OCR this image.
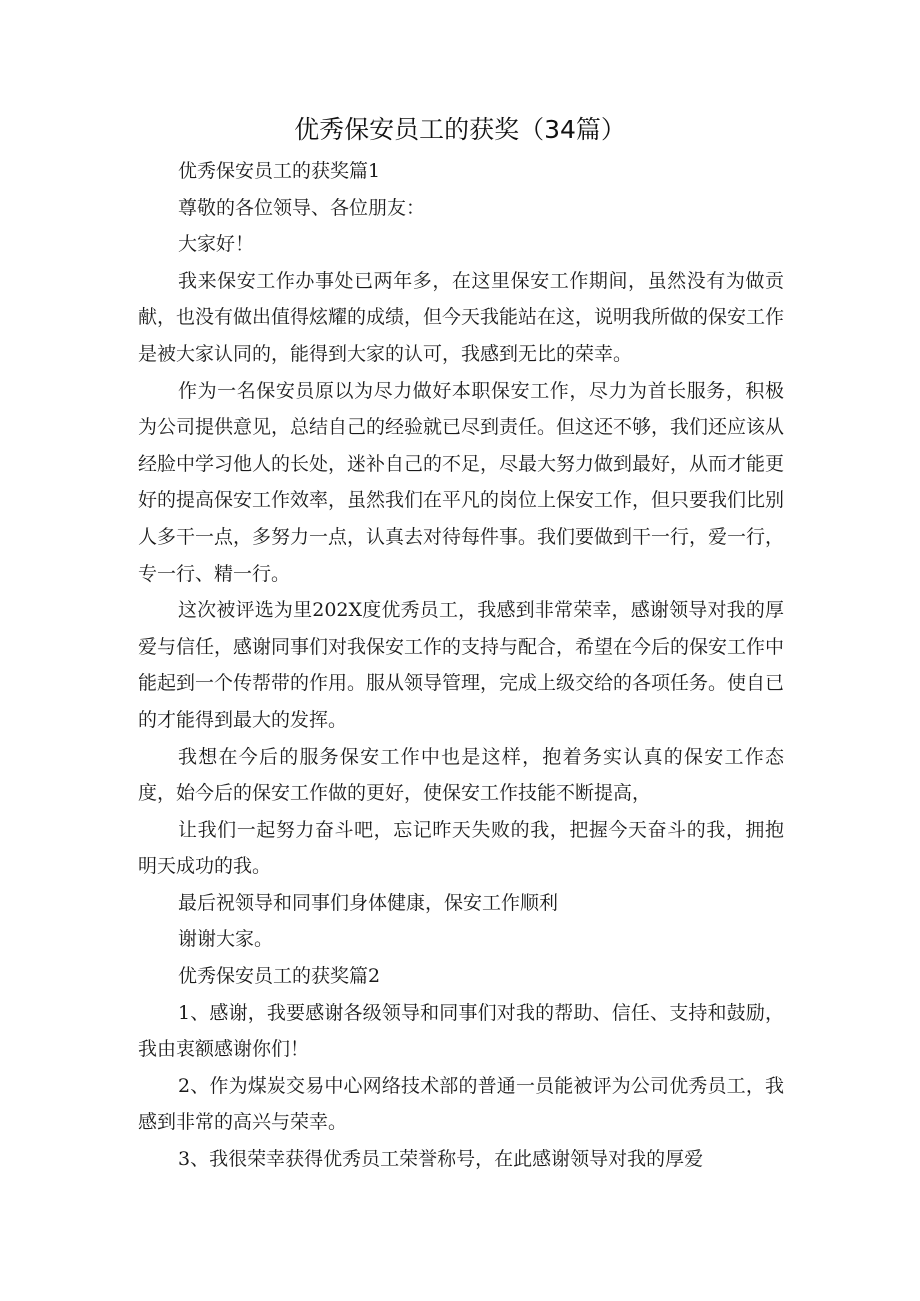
优秀保安员工的获奖（34篇）

优秀保安员工的获奖篇1

尊敬的各位领导、各位朋友：

大家好！

我来保安工作办事处已两年多，在这里保安工作期间，虽然没有为做贡献，也没有做出值得炫耀的成绩，但今天我能站在这，说明我所做的保安工作是被大家认同的，能得到大家的认可，我感到无比的荣幸。

作为一名保安员原以为尽力做好本职保安工作，尽力为首长服务，积极为公司提供意见，总结自己的经验就已尽到责任。但这还不够，我们还应该从经脸中学习他人的长处，迷补自己的不足，尽最大努力做到最好，从而才能更好的提高保安工作效率，虽然我们在平凡的岗位上保安工作，但只要我们比别人多干一点，多努力一点，认真去对待每件事。我们要做到干一行，爱一行，专一行、精一行。

这次被评选为里202X度优秀员工，我感到非常荣幸，感谢领导对我的厚爱与信任，感谢同事们对我保安工作的支持与配合，希望在今后的保安工作中能起到一个传帮带的作用。服从领导管理，完成上级交给的各项任务。使自已的才能得到最大的发挥。

我想在今后的服务保安工作中也是这样，抱着务实认真的保安工作态度，始今后的保安工作做的更好，使保安工作技能不断提高，

让我们一起努力奋斗吧，忘记昨天失败的我，把握今天奋斗的我，拥抱明天成功的我。

最后祝领导和同事们身体健康，保安工作顺利

谢谢大家。

优秀保安员工的获奖篇2

1、感谢，我要感谢各级领导和同事们对我的帮助、信任、支持和鼓励，我由衷额感谢你们！

2、作为煤炭交易中心网络技术部的普通一员能被评为公司优秀员工，我感到非常的高兴与荣幸。

3、我很荣幸获得优秀员工荣誉称号，在此感谢领导对我的厚爱
